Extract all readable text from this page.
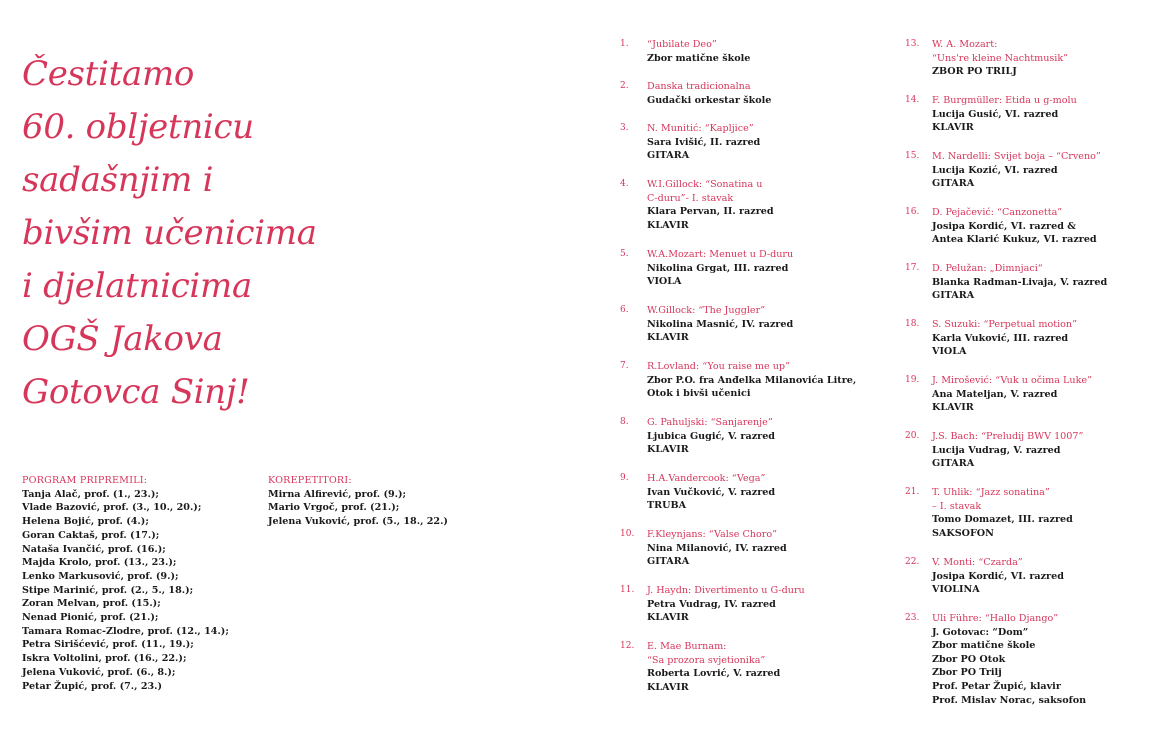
Čestitamo
60. obljetnicu
sadašnjim i
bivšim učenicima
i djelatnicima
OGŠ Jakova
Gotovca Sinj!
PORGRAM PRIPREMILI:
Tanja Alač, prof. (1., 23.);
Vlade Bazović, prof. (3., 10., 20.);
Helena Bojić, prof. (4.);
Goran Caktaš, prof. (17.);
Nataša Ivančić, prof. (16.);
Majda Krolo, prof. (13., 23.);
Lenko Markusović, prof. (9.);
Stipe Marinić, prof. (2., 5., 18.);
Zoran Melvan, prof. (15.);
Nenad Pionić, prof. (21.);
Tamara Romac-Zlodre, prof. (12., 14.);
Petra Sirišćević, prof. (11., 19.);
Iskra Voltolini, prof. (16., 22.);
Jelena Vuković, prof. (6., 8.);
Petar Župić, prof. (7., 23.)
KOREPETITORI:
Mirna Alfirević, prof. (9.);
Mario Vrgoč, prof. (21.);
Jelena Vuković, prof. (5., 18., 22.)
1.	“Jubilate Deo”
Zbor matične škole
2.	Danska tradicionalna
Gudački orkestar škole
3.	N. Munitić: “Kapljice”
Sara Ivišić, II. razred
GITARA
4.	W.I.Gillock: “Sonatina u
C-duru”- I. stavak
Klara Pervan, II. razred
KLAVIR
5.	W.A.Mozart: Menuet u D-duru
Nikolina Grgat, III. razred
VIOLA
6.	W.Gillock: “The Juggler”
Nikolina Masnić, IV. razred
KLAVIR
7.	R.Lovland: “You raise me up”
Zbor P.O. fra Anđelka Milanovića Litre,
Otok i bivši učenici
8.	G. Pahuljski: “Sanjarenje”
Ljubica Gugić, V. razred
KLAVIR
9.	H.A.Vandercook: “Vega”
Ivan Vučković, V. razred
TRUBA
10.	F.Kleynjans: “Valse Choro”
Nina Milanović, IV. razred
GITARA
11.	J. Haydn: Divertimento u G-duru
Petra Vudrag, IV. razred
KLAVIR
12.	E. Mae Burnam:
“Sa prozora svjetionika”
Roberta Lovrić, V. razred
KLAVIR
13.	W. A. Mozart:
“Uns're kleine Nachtmusik”
ZBOR PO TRILJ
14.	F. Burgmüller: Etida u g-molu
Lucija Gusić, VI. razred
KLAVIR
15.	M. Nardelli: Svijet boja – “Crveno”
Lucija Kozić, VI. razred
GITARA
16.	D. Pejačević: “Canzonetta”
Josipa Kordić, VI. razred &
Antea Klarić Kukuz, VI. razred
17.	D. Pelužan: „Dimnjaci“
Blanka Radman-Livaja, V. razred
GITARA
18.	S. Suzuki: “Perpetual motion”
Karla Vuković, III. razred
VIOLA
19.	J. Mirošević: “Vuk u očima Luke”
Ana Mateljan, V. razred
KLAVIR
20.	J.S. Bach: “Preludij BWV 1007”
Lucija Vudrag, V. razred
GITARA
21.	T. Uhlik: “Jazz sonatina”
– I. stavak
Tomo Domazet, III. razred
SAKSOFON
22.	V. Monti: “Czarda”
Josipa Kordić, VI. razred
VIOLINA
23.	Uli Führe: “Hallo Django”
J. Gotovac: “Dom”
Zbor matične škole
Zbor PO Otok
Zbor PO Trilj
Prof. Petar Župić, klavir
Prof. Mislav Norac, saksofon
